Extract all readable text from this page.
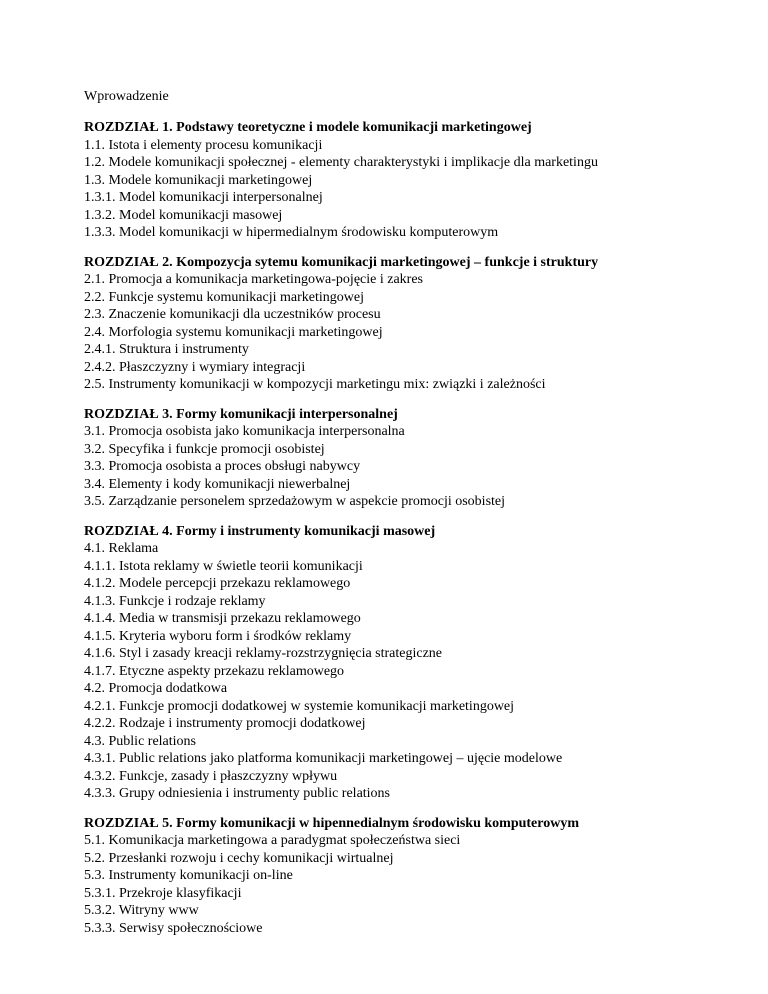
Wprowadzenie

ROZDZIAŁ 1. Podstawy teoretyczne i modele komunikacji marketingowej

1.1. Istota i elementy procesu komunikacji

1.2. Modele komunikacji społecznej - elementy charakterystyki i implikacje dla marketingu

1.3. Modele komunikacji marketingowej

1.3.1. Model komunikacji interpersonalnej

1.3.2. Model komunikacji masowej

1.3.3. Model komunikacji w hipermedialnym środowisku komputerowym

ROZDZIAŁ 2. Kompozycja sytemu komunikacji marketingowej – funkcje i struktury

2.1. Promocja a komunikacja marketingowa-pojęcie i zakres

2.2. Funkcje systemu komunikacji marketingowej

2.3. Znaczenie komunikacji dla uczestników procesu

2.4. Morfologia systemu komunikacji marketingowej

2.4.1. Struktura i instrumenty

2.4.2. Płaszczyzny i wymiary integracji

2.5. Instrumenty komunikacji w kompozycji marketingu mix: związki i zależności

ROZDZIAŁ 3. Formy komunikacji interpersonalnej

3.1. Promocja osobista jako komunikacja interpersonalna

3.2. Specyfika i funkcje promocji osobistej

3.3. Promocja osobista a proces obsługi nabywcy

3.4. Elementy i kody komunikacji niewerbalnej

3.5. Zarządzanie personelem sprzedażowym w aspekcie promocji osobistej

ROZDZIAŁ 4. Formy i instrumenty komunikacji masowej

4.1. Reklama

4.1.1. Istota reklamy w świetle teorii komunikacji

4.1.2. Modele percepcji przekazu reklamowego

4.1.3. Funkcje i rodzaje reklamy

4.1.4. Media w transmisji przekazu reklamowego

4.1.5. Kryteria wyboru form i środków reklamy

4.1.6. Styl i zasady kreacji reklamy-rozstrzygnięcia strategiczne

4.1.7. Etyczne aspekty przekazu reklamowego

4.2. Promocja dodatkowa

4.2.1. Funkcje promocji dodatkowej w systemie komunikacji marketingowej

4.2.2. Rodzaje i instrumenty promocji dodatkowej

4.3. Public relations

4.3.1. Public relations jako platforma komunikacji marketingowej – ujęcie modelowe

4.3.2. Funkcje, zasady i płaszczyzny wpływu

4.3.3. Grupy odniesienia i instrumenty public relations

ROZDZIAŁ 5. Formy komunikacji w hipennedialnym środowisku komputerowym

5.1. Komunikacja marketingowa a paradygmat społeczeństwa sieci

5.2. Przesłanki rozwoju i cechy komunikacji wirtualnej

5.3. Instrumenty komunikacji on-line

5.3.1. Przekroje klasyfikacji

5.3.2. Witryny www

5.3.3. Serwisy społecznościowe
